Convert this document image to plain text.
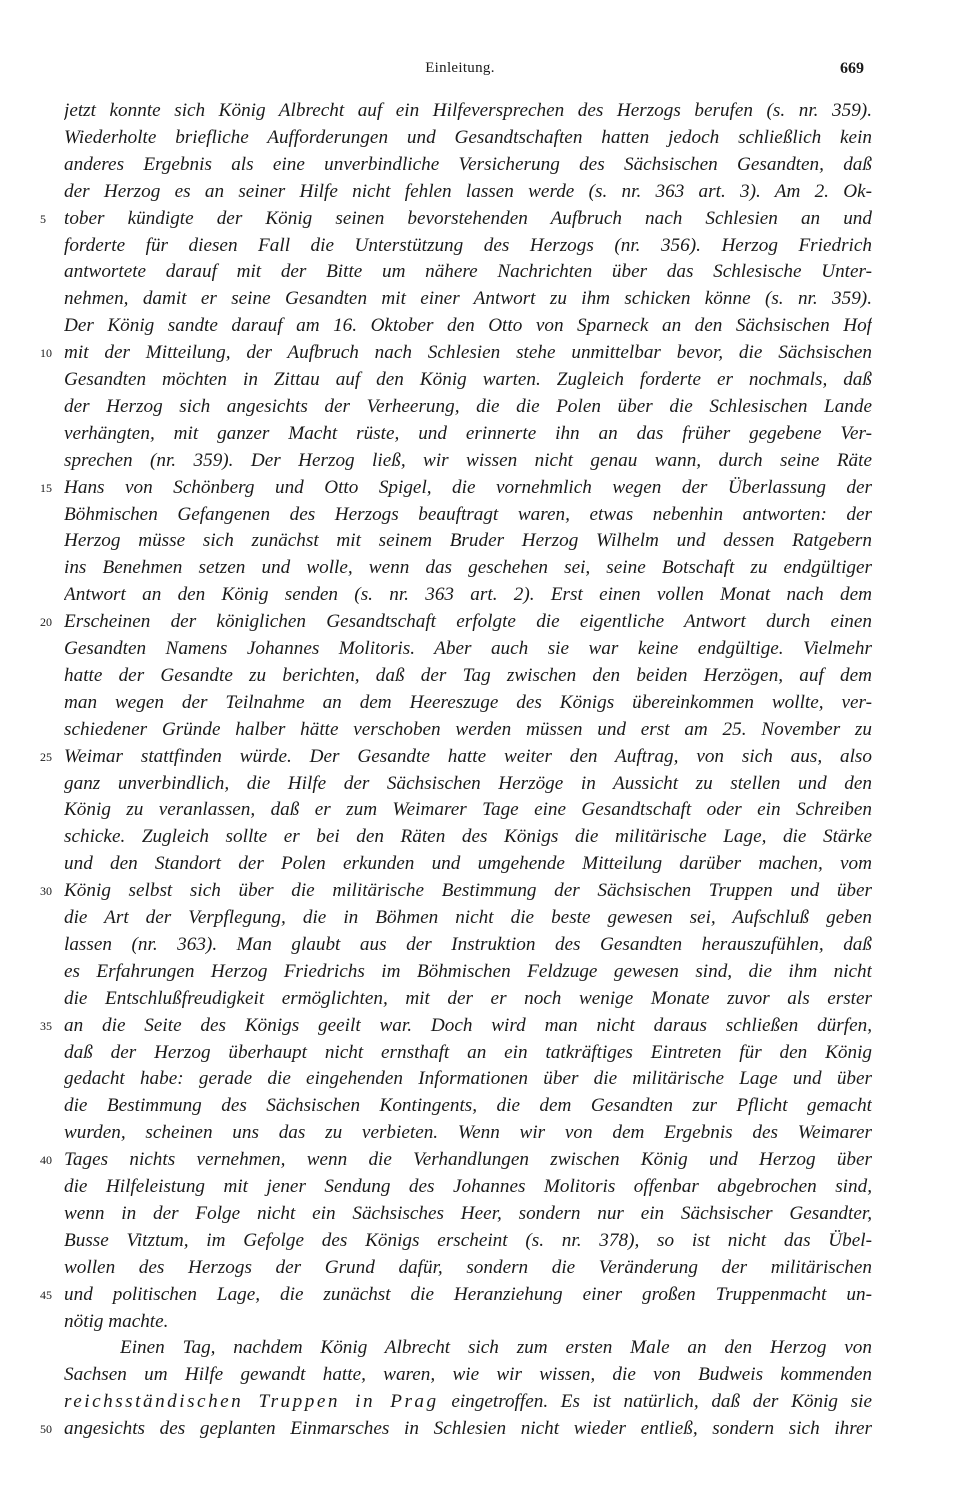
Einleitung.	669
jetzt konnte sich König Albrecht auf ein Hilfeversprechen des Herzogs berufen (s. nr. 359).
Wiederholte briefliche Aufforderungen und Gesandtschaften hatten jedoch schließlich kein
anderes Ergebnis als eine unverbindliche Versicherung des Sächsischen Gesandten, daß
der Herzog es an seiner Hilfe nicht fehlen lassen werde (s. nr. 363 art. 3). Am 2. Ok-
5 tober kündigte der König seinen bevorstehenden Aufbruch nach Schlesien an und
forderte für diesen Fall die Unterstützung des Herzogs (nr. 356). Herzog Friedrich
antwortete darauf mit der Bitte um nähere Nachrichten über das Schlesische Unter-
nehmen, damit er seine Gesandten mit einer Antwort zu ihm schicken könne (s. nr. 359).
Der König sandte darauf am 16. Oktober den Otto von Sparneck an den Sächsischen Hof
10 mit der Mitteilung, der Aufbruch nach Schlesien stehe unmittelbar bevor, die Sächsischen
Gesandten möchten in Zittau auf den König warten. Zugleich forderte er nochmals, daß
der Herzog sich angesichts der Verheerung, die die Polen über die Schlesischen Lande
verhängten, mit ganzer Macht rüste, und erinnerte ihn an das früher gegebene Ver-
sprechen (nr. 359). Der Herzog ließ, wir wissen nicht genau wann, durch seine Räte
15 Hans von Schönberg und Otto Spigel, die vornehmlich wegen der Überlassung der
Böhmischen Gefangenen des Herzogs beauftragt waren, etwas nebenhin antworten: der
Herzog müsse sich zunächst mit seinem Bruder Herzog Wilhelm und dessen Ratgebern
ins Benehmen setzen und wolle, wenn das geschehen sei, seine Botschaft zu endgültiger
Antwort an den König senden (s. nr. 363 art. 2). Erst einen vollen Monat nach dem
20 Erscheinen der königlichen Gesandtschaft erfolgte die eigentliche Antwort durch einen
Gesandten Namens Johannes Molitoris. Aber auch sie war keine endgültige. Vielmehr
hatte der Gesandte zu berichten, daß der Tag zwischen den beiden Herzögen, auf dem
man wegen der Teilnahme an dem Heereszuge des Königs übereinkommen wollte, ver-
schiedener Gründe halber hätte verschoben werden müssen und erst am 25. November zu
25 Weimar stattfinden würde. Der Gesandte hatte weiter den Auftrag, von sich aus, also
ganz unverbindlich, die Hilfe der Sächsischen Herzöge in Aussicht zu stellen und den
König zu veranlassen, daß er zum Weimarer Tage eine Gesandtschaft oder ein Schreiben
schicke. Zugleich sollte er bei den Räten des Königs die militärische Lage, die Stärke
und den Standort der Polen erkunden und umgehende Mitteilung darüber machen, vom
30 König selbst sich über die militärische Bestimmung der Sächsischen Truppen und über
die Art der Verpflegung, die in Böhmen nicht die beste gewesen sei, Aufschluß geben
lassen (nr. 363). Man glaubt aus der Instruktion des Gesandten herauszufühlen, daß
es Erfahrungen Herzog Friedrichs im Böhmischen Feldzuge gewesen sind, die ihm nicht
die Entschlußfreudigkeit ermöglichten, mit der er noch wenige Monate zuvor als erster
35 an die Seite des Königs geeilt war. Doch wird man nicht daraus schließen dürfen,
daß der Herzog überhaupt nicht ernsthaft an ein tatkräftiges Eintreten für den König
gedacht habe: gerade die eingehenden Informationen über die militärische Lage und über
die Bestimmung des Sächsischen Kontingents, die dem Gesandten zur Pflicht gemacht
wurden, scheinen uns das zu verbieten. Wenn wir von dem Ergebnis des Weimarer
40 Tages nichts vernehmen, wenn die Verhandlungen zwischen König und Herzog über
die Hilfeleistung mit jener Sendung des Johannes Molitoris offenbar abgebrochen sind,
wenn in der Folge nicht ein Sächsisches Heer, sondern nur ein Sächsischer Gesandter,
Busse Vitztum, im Gefolge des Königs erscheint (s. nr. 378), so ist nicht das Übel-
wollen des Herzogs der Grund dafür, sondern die Veränderung der militärischen
45 und politischen Lage, die zunächst die Heranziehung einer großen Truppenmacht un-
nötig machte.
Einen Tag, nachdem König Albrecht sich zum ersten Male an den Herzog von
Sachsen um Hilfe gewandt hatte, waren, wie wir wissen, die von Budweis kommenden
reichsständischen Truppen in Prag eingetroffen. Es ist natürlich, daß der König sie
50 angesichts des geplanten Einmarsches in Schlesien nicht wieder entließ, sondern sich ihrer
